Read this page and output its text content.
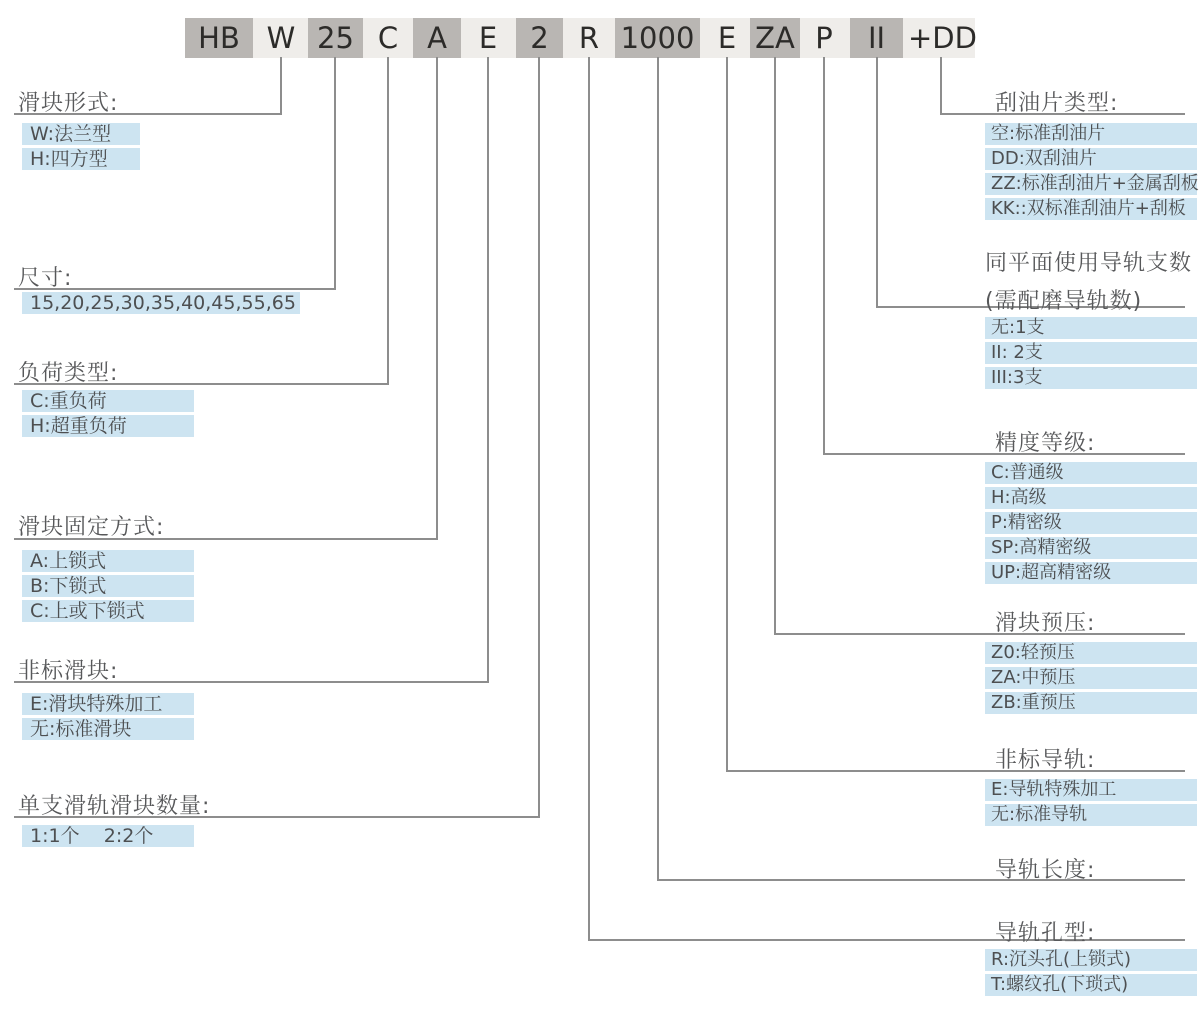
HB W 25 C A	E	2	R 1000 E ZA P	II +DD
滑块形式:
尺寸:
负荷类型:
滑块固定方式:
非标滑块:
单支滑轨滑块数量:
W:法兰型
H:四方型
15,20,25,30,35,40,45,55,65
C:重负荷
H:超重负荷
A:上锁式
B:下锁式
C:上或下锁式
E:滑块特殊加工
无:标准滑块
1:1个    2:2个
刮油片类型:
同平面使用导轨支数
(需配磨导轨数)
精度等级:
滑块预压:
非标导轨:
导轨长度:
导轨孔型:
空:标准刮油片
DD:双刮油片
ZZ:标准刮油片+金属刮板
KK::双标准刮油片+刮板
无:1支
II: 2支
III:3支
C:普通级
H:高级
P:精密级
SP:高精密级
UP:超高精密级
Z0:轻预压
ZA:中预压
ZB:重预压
E:导轨特殊加工
无:标准导轨
R:沉头孔(上锁式)
T:螺纹孔(下琐式)
